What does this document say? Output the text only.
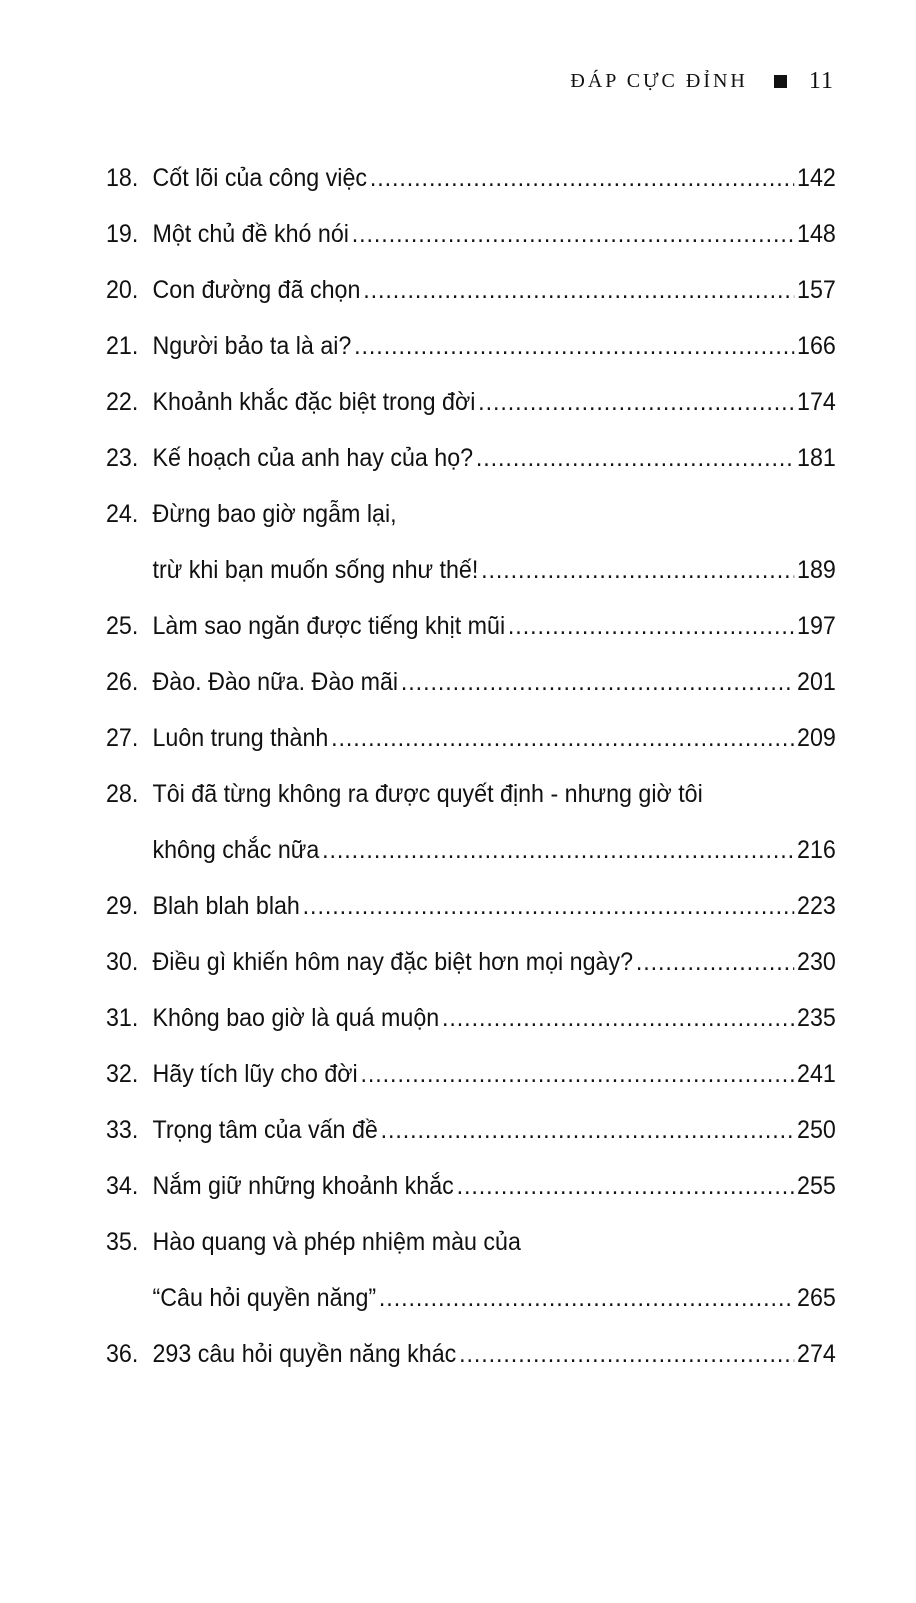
ĐÁP CỰC ĐỈNH	11
18. Cốt lõi của công việc .....	142
19. Một chủ đề khó nói .....	148
20. Con đường đã chọn .....	157
21. Người bảo ta là ai? .....	166
22. Khoảnh khắc đặc biệt trong đời .....	174
23. Kế hoạch của anh hay của họ? .....	181
24. Đừng bao giờ ngẫm lại,
trừ khi bạn muốn sống như thế! .....	189
25. Làm sao ngăn được tiếng khịt mũi .....	197
26. Đào. Đào nữa. Đào mãi .....	201
27. Luôn trung thành .....	209
28. Tôi đã từng không ra được quyết định - nhưng giờ tôi
không chắc nữa .....	216
29. Blah blah blah .....	223
30. Điều gì khiến hôm nay đặc biệt hơn mọi ngày? .....	230
31. Không bao giờ là quá muộn .....	235
32. Hãy tích lũy cho đời .....	241
33. Trọng tâm của vấn đề .....	250
34. Nắm giữ những khoảnh khắc .....	255
35. Hào quang và phép nhiệm màu của
“Câu hỏi quyền năng” .....	265
36. 293 câu hỏi quyền năng khác .....	274
